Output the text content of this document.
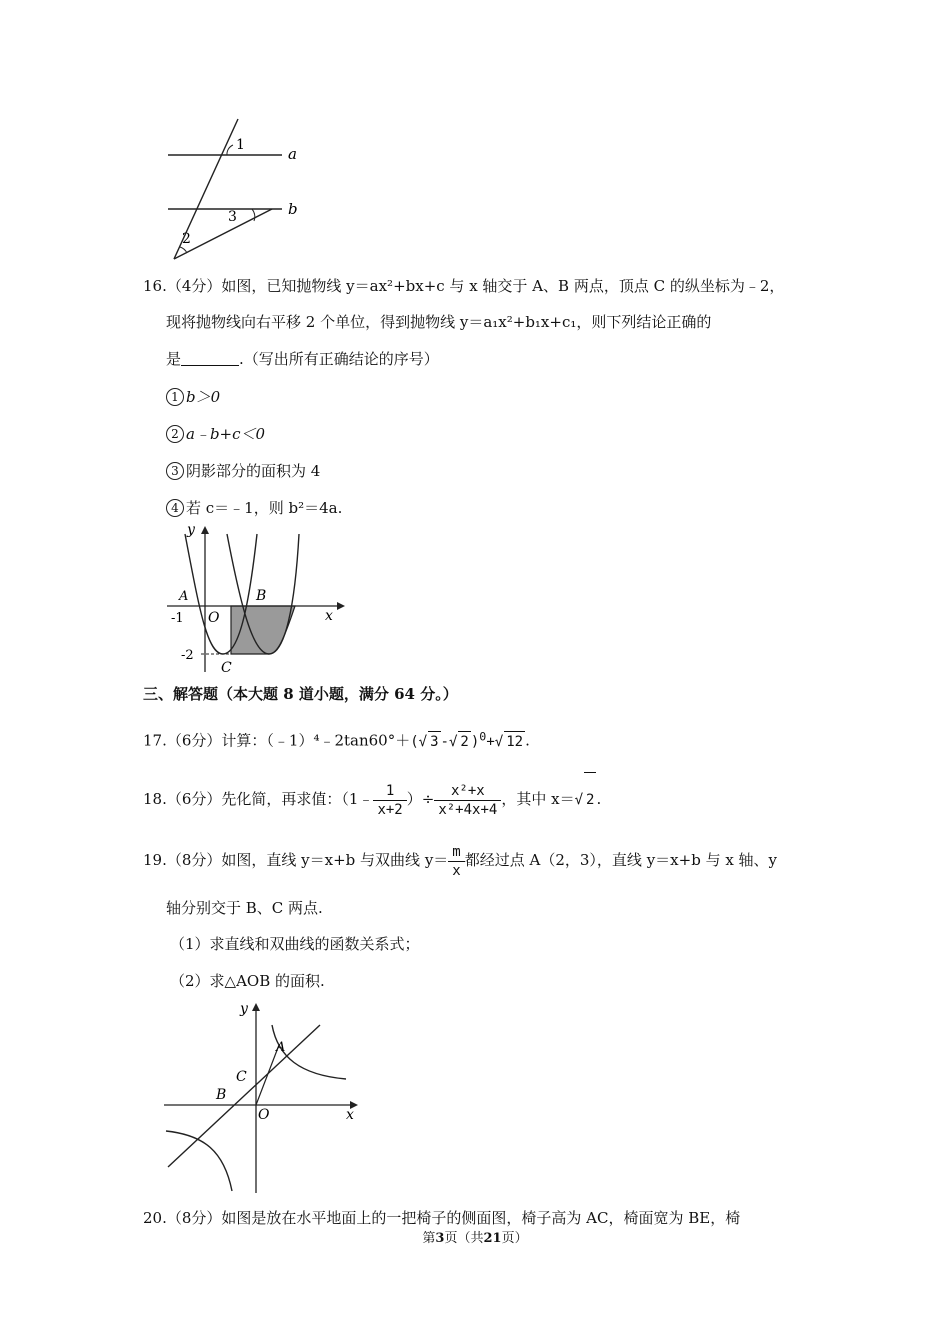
1
3
2
a
b
16.（4分）如图，已知抛物线 y＝ax²+bx+c 与 x 轴交于 A、B 两点，顶点 C 的纵坐标为﹣2，
现将抛物线向右平移 2 个单位，得到抛物线 y＝a₁x²+b₁x+c₁，则下列结论正确的
是	.（写出所有正确结论的序号）
1 b＞0
2 a﹣b+c＜0
3 阴影部分的面积为 4
4 若 c＝﹣1，则 b²＝4a.
y
x
A	B
O
C
-1
-2
三、解答题（本大题 8 道小题，满分 64 分。）
17.（6分）计算：（﹣1）⁴﹣2tan60°＋(√ 3 -√ 2 )$^0$+√ 12 .
18.（6分）先化简，再求值：（1﹣ $\frac{1}{x+2}$ ）÷ $\frac{\text{x²+x}}{\text{x²+4x+4}}$ ，其中 x＝√ 2 .
19.（8分）如图，直线 y＝x+b 与双曲线 $y= \frac{m}{x}$ 都经过点 A（2，3），直线 y＝x+b 与 x 轴、y
轴分别交于 B、C 两点.
（1）求直线和双曲线的函数关系式；
（2）求△AOB 的面积.
y
x
A
B
C
O
20.（8分）如图是放在水平地面上的一把椅子的侧面图，椅子高为 AC，椅面宽为 BE，椅
第3页（共21页）
